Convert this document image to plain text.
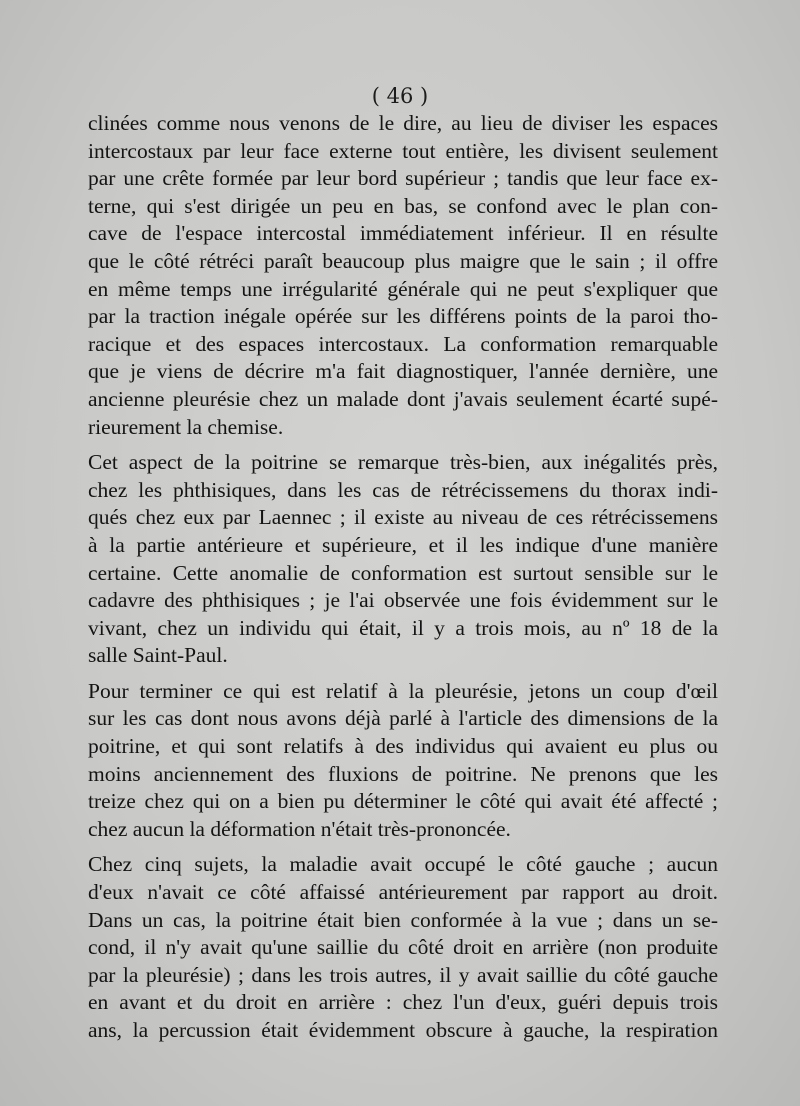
( 46 )
clinées comme nous venons de le dire, au lieu de diviser les espaces
intercostaux par leur face externe tout entière, les divisent seulement
par une crête formée par leur bord supérieur ; tandis que leur face ex-
terne, qui s'est dirigée un peu en bas, se confond avec le plan con-
cave de l'espace intercostal immédiatement inférieur. Il en résulte
que le côté rétréci paraît beaucoup plus maigre que le sain ; il offre
en même temps une irrégularité générale qui ne peut s'expliquer que
par la traction inégale opérée sur les différens points de la paroi tho-
racique et des espaces intercostaux. La conformation remarquable
que je viens de décrire m'a fait diagnostiquer, l'année dernière, une
ancienne pleurésie chez un malade dont j'avais seulement écarté supé-
rieurement la chemise.
Cet aspect de la poitrine se remarque très-bien, aux inégalités près,
chez les phthisiques, dans les cas de rétrécissemens du thorax indi-
qués chez eux par Laennec ; il existe au niveau de ces rétrécissemens
à la partie antérieure et supérieure, et il les indique d'une manière
certaine. Cette anomalie de conformation est surtout sensible sur le
cadavre des phthisiques ; je l'ai observée une fois évidemment sur le
vivant, chez un individu qui était, il y a trois mois, au nº 18 de la
salle Saint-Paul.
Pour terminer ce qui est relatif à la pleurésie, jetons un coup d'œil
sur les cas dont nous avons déjà parlé à l'article des dimensions de la
poitrine, et qui sont relatifs à des individus qui avaient eu plus ou
moins anciennement des fluxions de poitrine. Ne prenons que les
treize chez qui on a bien pu déterminer le côté qui avait été affecté ;
chez aucun la déformation n'était très-prononcée.
Chez cinq sujets, la maladie avait occupé le côté gauche ; aucun
d'eux n'avait ce côté affaissé antérieurement par rapport au droit.
Dans un cas, la poitrine était bien conformée à la vue ; dans un se-
cond, il n'y avait qu'une saillie du côté droit en arrière (non produite
par la pleurésie) ; dans les trois autres, il y avait saillie du côté gauche
en avant et du droit en arrière : chez l'un d'eux, guéri depuis trois
ans, la percussion était évidemment obscure à gauche, la respiration
